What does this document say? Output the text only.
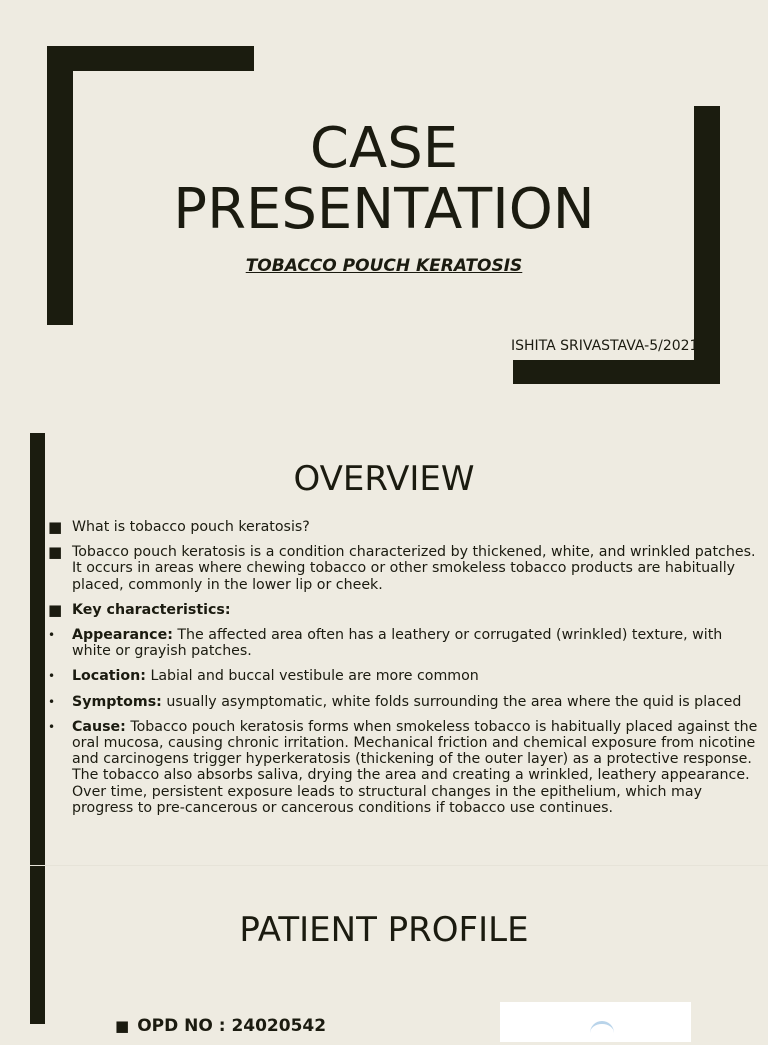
CASE
PRESENTATION

TOBACCO POUCH KERATOSIS

ISHITA SRIVASTAVA-5/2021

OVERVIEW
■ What is tobacco pouch keratosis?
■ Tobacco pouch keratosis is a condition characterized by thickened, white, and wrinkled patches. It occurs in areas where chewing tobacco or other smokeless tobacco products are habitually placed, commonly in the lower lip or cheek.
■ Key characteristics:
•	Appearance: The affected area often has a leathery or corrugated (wrinkled) texture, with white or grayish patches.
•	Location: Labial and buccal vestibule are more common
•	Symptoms: usually asymptomatic, white folds surrounding the area where the quid is placed
•	Cause: Tobacco pouch keratosis forms when smokeless tobacco is habitually placed against the oral mucosa, causing chronic irritation. Mechanical friction and chemical exposure from nicotine and carcinogens trigger hyperkeratosis (thickening of the outer layer) as a protective response. The tobacco also absorbs saliva, drying the area and creating a wrinkled, leathery appearance. Over time, persistent exposure leads to structural changes in the epithelium, which may progress to pre-cancerous or cancerous conditions if tobacco use continues.
PATIENT PROFILE

■ OPD NO : 24020542
